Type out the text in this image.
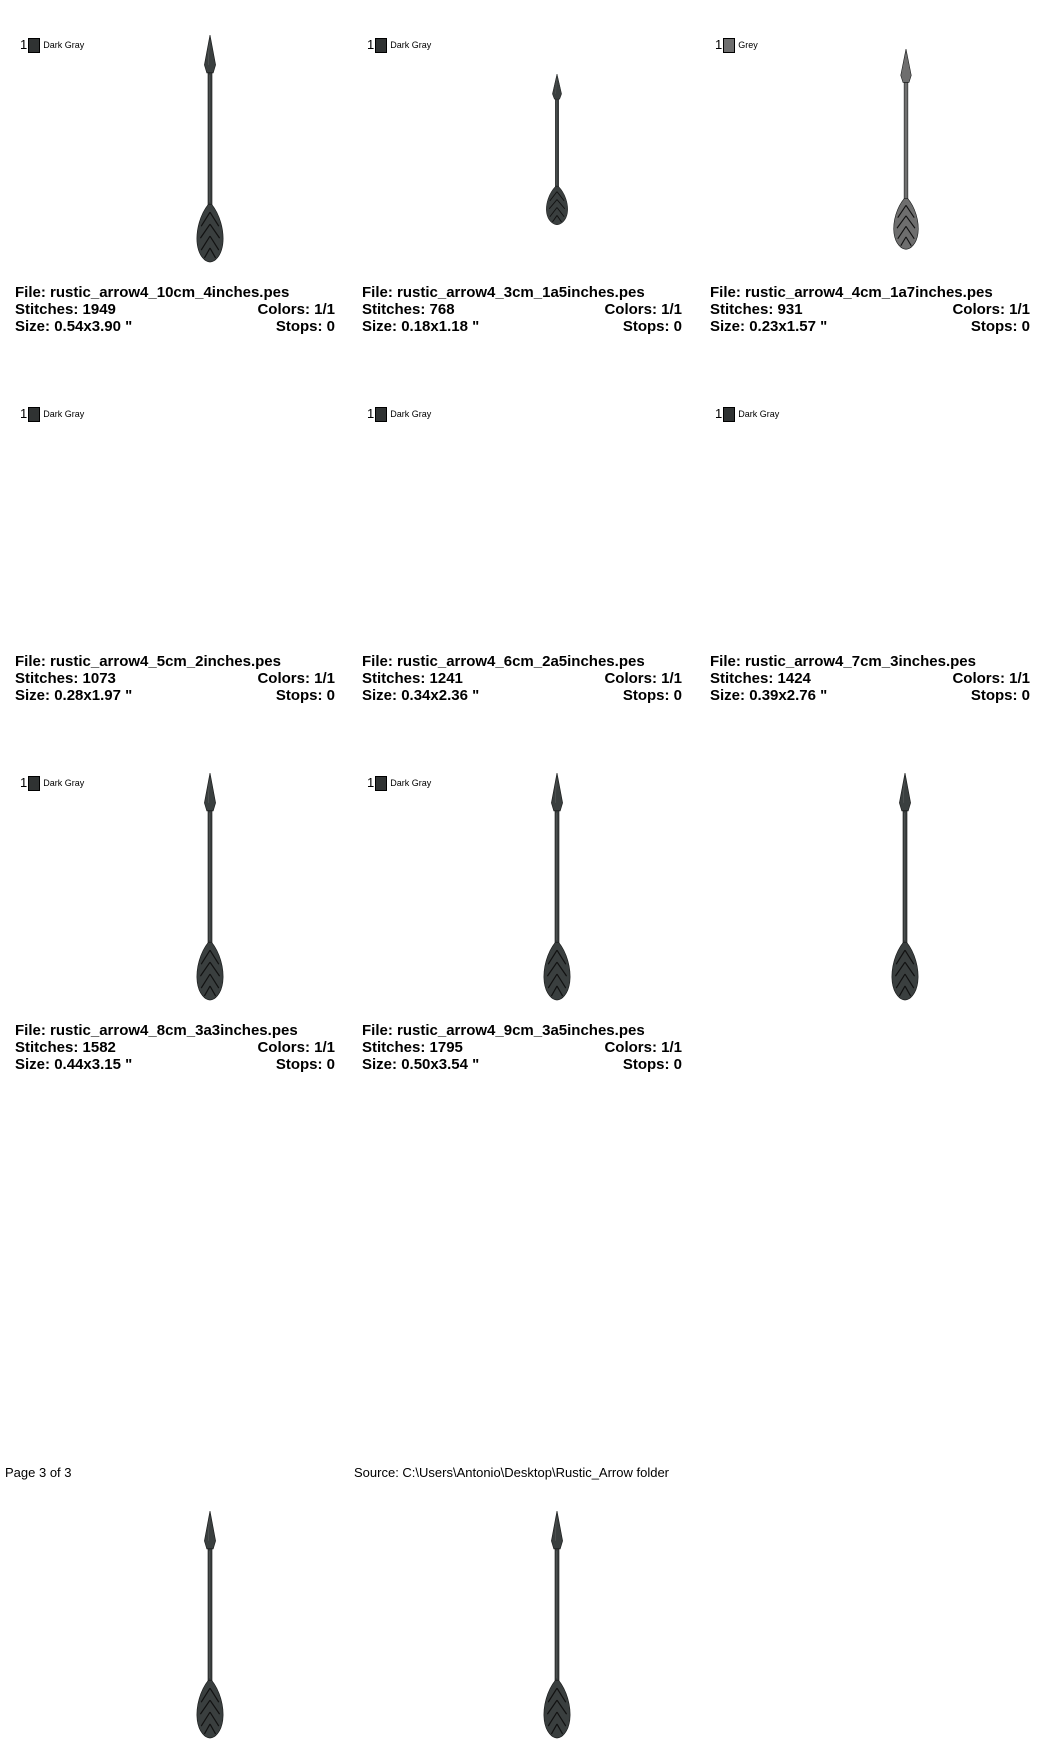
1 Dark Gray
File: rustic_arrow4_10cm_4inches.pes
Stitches: 1949	Colors: 1/1
Size: 0.54x3.90 "	Stops: 0
1 Dark Gray
File: rustic_arrow4_3cm_1a5inches.pes
Stitches: 768	Colors: 1/1
Size: 0.18x1.18 "	Stops: 0
1 Grey
File: rustic_arrow4_4cm_1a7inches.pes
Stitches: 931	Colors: 1/1
Size: 0.23x1.57 "	Stops: 0
1 Dark Gray
File: rustic_arrow4_5cm_2inches.pes
Stitches: 1073	Colors: 1/1
Size: 0.28x1.97 "	Stops: 0
1 Dark Gray
File: rustic_arrow4_6cm_2a5inches.pes
Stitches: 1241	Colors: 1/1
Size: 0.34x2.36 "	Stops: 0
1 Dark Gray
File: rustic_arrow4_7cm_3inches.pes
Stitches: 1424	Colors: 1/1
Size: 0.39x2.76 "	Stops: 0
1 Dark Gray
File: rustic_arrow4_8cm_3a3inches.pes
Stitches: 1582	Colors: 1/1
Size: 0.44x3.15 "	Stops: 0
1 Dark Gray
File: rustic_arrow4_9cm_3a5inches.pes
Stitches: 1795	Colors: 1/1
Size: 0.50x3.54 "	Stops: 0
Page 3 of 3	Source: C:\Users\Antonio\Desktop\Rustic_Arrow folder
